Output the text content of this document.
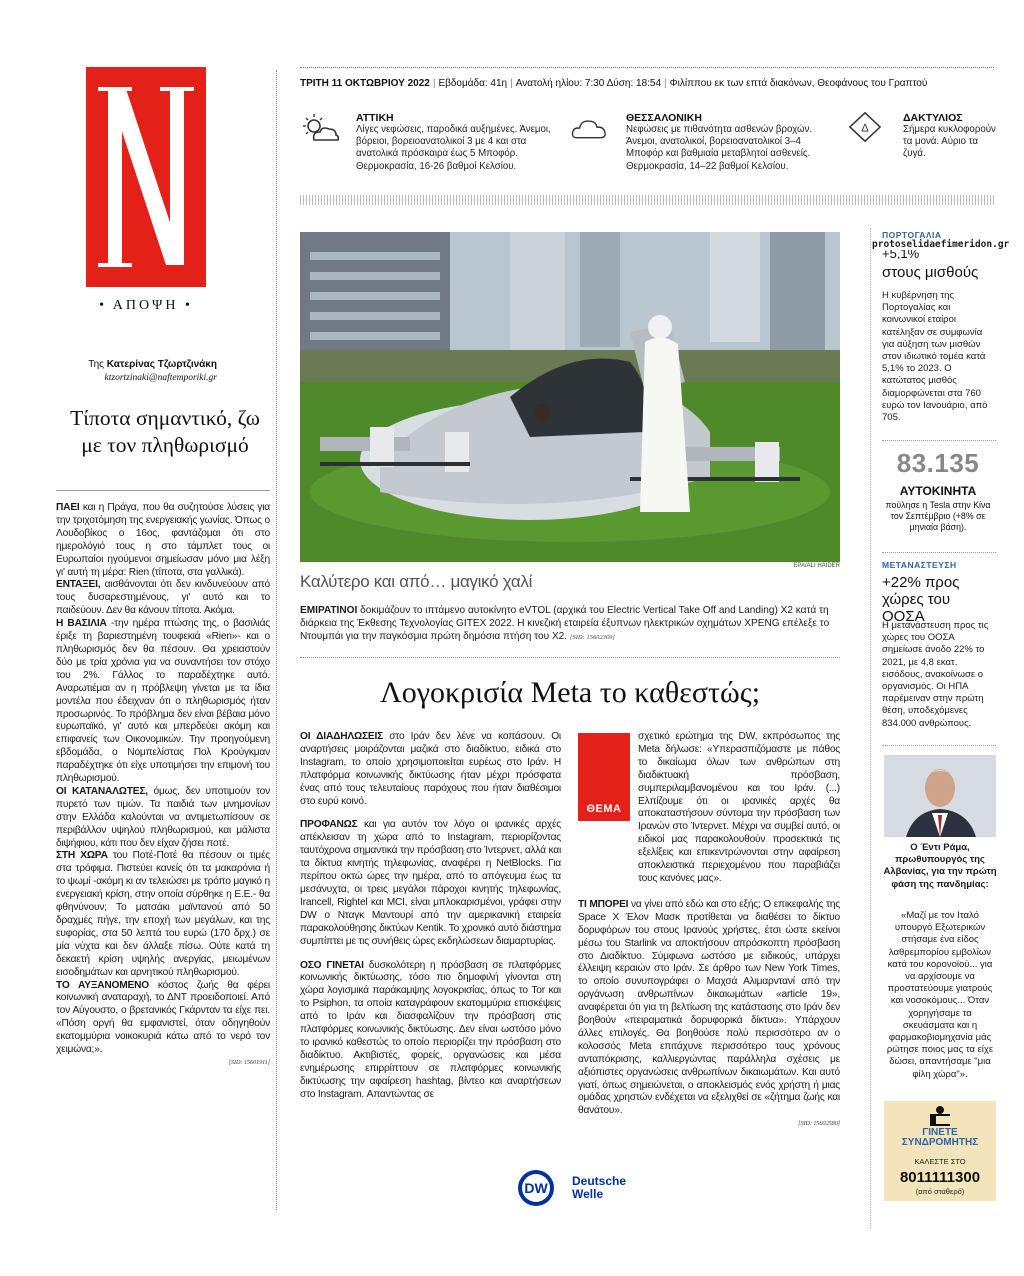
• ΑΠΟΨΗ •
Της Κατερίνας Τζωρτζινάκη
ktzortzinaki@naftemporiki.gr
Τίποτα σημαντικό, ζω με τον πληθωρισμό

ΠΑΕΙ και η Πράγα, που θα συζητούσε λύσεις για την τριχοτόμηση της ενεργειακής γωνίας. Όπως ο Λουδοβίκος ο 16ος, φαντάζομαι ότι στο ημερολόγιό τους η στο τάμπλετ τους οι Ευρωπαίοι ηγούμενοι σημείωσαν μόνο μια λέξη γι' αυτή τη μέρα: Rien (τίποτα, στα γαλλικά).

ΕΝΤΑΞΕΙ, αισθάνονται ότι δεν κινδυνεύουν από τους δυσαρεστημένους, γι' αυτό και το παιδεύουν. Δεν θα κάνουν τίποτα. Ακόμα.

Η ΒΑΣΙΛΙΑ -την ημέρα πτώσης της, ο βασιλιάς έριξε τη βαριεστημένη τουφεκιά «Rien»- και ο πληθωρισμός δεν θα πέσουν. Θα χρειαστούν δύο με τρία χρόνια για να συναντήσει τον στόχο του 2%. Γάλλος το παραδέχτηκε αυτό. Αναρωτιέμαι αν η πρόβλεψη γίνεται με τα ίδια μοντέλα που έδειχναν ότι ο πληθωρισμός ήταν προσωρινός. Το πρόβλημα δεν είναι βέβαια μόνο ευρωπαϊκό, γι' αυτό και μπερδεύει ακόμη και επιφανείς των Οικονομικών. Την προηγούμενη εβδομάδα, ο Νομπελίστας Πολ Κρούγκμαν παραδέχτηκε ότι είχε υποτιμήσει την επιμονή του πληθωρισμού.

ΟΙ ΚΑΤΑΝΑΛΩΤΕΣ, όμως, δεν υποτιμούν τον πυρετό των τιμών. Τα παιδιά των μνημονίων στην Ελλάδα καλούνται να αντιμετωπίσουν σε περιβάλλον υψηλού πληθωρισμού, και μάλιστα διψήφιου, κάτι που δεν είχαν ζήσει ποτέ.

ΣΤΗ ΧΩΡΑ του Ποτέ-Ποτέ θα πέσουν οι τιμές στα τρόφιμα. Πιστεύει κανείς ότι τα μακαρόνια ή το ψωμί -ακόμη κι αν τελειώσει με τρόπο μαγικό η ενεργειακή κρίση, στην οποία σύρθηκε η Ε.Ε.- θα φθηνύνουν; Το ματσάκι μαϊντανού από 50 δραχμές πήγε, την εποχή των μεγάλων, και της ευφορίας, στα 50 λεπτά του ευρώ (170 δρχ.) σε μία νύχτα και δεν άλλαξε πίσω. Ούτε κατά τη δεκαετή κρίση υψηλής ανεργίας, μειωμένων εισοδημάτων και αρνητικού πληθωρισμού.

ΤΟ ΑΥΞΑΝΟΜΕΝΟ κόστος ζωής θα φέρει κοινωνική αναταραχή, το ΔΝΤ προειδοποιεί. Από τον Αύγουστο, ο βρετανικός Γκάρνταν τα είχε πει. «Πόση οργή θα εμφανιστεί, όταν οδηγηθούν εκατομμύρια νοικοκυριά κάτω από το νερό τον χειμώνα;».

[SID: 15601911]

ΤΡΙΤΗ 11 ΟΚΤΩΒΡΙΟΥ 2022 | Εβδομάδα: 41η | Ανατολή ηλίου: 7:30 Δύση: 18:54 | Φιλίππου εκ των επτά διακόνων, Θεοφάνους του Γραπτού
ΑΤΤΙΚΗ
Λίγες νεφώσεις, παροδικά αυξημένες. Άνεμοι, βόρειοι, βορειοανατολικοί 3 με 4 και στα ανατολικά πρόσκαιρα έως 5 Μποφόρ. Θερμοκρασία, 16-26 βαθμοί Κελσίου.
ΘΕΣΣΑΛΟΝΙΚΗ
Νεφώσεις με πιθανότητα ασθενών βροχών. Άνεμοι, ανατολικοί, βορειοανατολικοί 3–4 Μποφόρ και βαθμιαία μεταβλητοί ασθενείς. Θερμοκρασία, 14–22 βαθμοί Κελσίου.
Δ
ΔΑΚΤΥΛΙΟΣ
Σήμερα κυκλοφορούν τα μονά. Αύριο τα ζυγά.
EPA/ALI HAIDER
Καλύτερο και από… μαγικό χαλί
ΕΜΙΡΑΤΙΝΟΙ δοκιμάζουν το ιπτάμενο αυτοκίνητο eVTOL (αρχικά του Electric Vertical Take Off and Landing) X2 κατά τη διάρκεια της Έκθεσης Τεχνολογίας GITEX 2022. Η κινεζική εταιρεία έξυπνων ηλεκτρικών οχημάτων XPENG επέλεξε το Ντουμπάι για την παγκόσμια πρώτη δημόσια πτήση του Χ2. [SID: 15602369]
Λογοκρισία Meta το καθεστώς;

ΟΙ ΔΙΑΔΗΛΩΣΕΙΣ στο Ιράν δεν λένε να κοπάσουν. Οι αναρτήσεις μοιράζονται μαζικά στο διαδίκτυο, ειδικά στο Instagram, το οποίο χρησιμοποιείται ευρέως στο Ιράν. Η πλατφόρμα κοινωνικής δικτύωσης ήταν μέχρι πρόσφατα ένας από τους τελευταίους παρόχους που ήταν διαθέσιμοι στο ευρύ κοινό.

ΠΡΟΦΑΝΩΣ και για αυτόν τον λόγο οι ιρανικές αρχές απέκλεισαν τη χώρα από το Instagram, περιορίζοντας ταυτόχρονα σημαντικά την πρόσβαση στο Ίντερνετ, αλλά και τα δίκτυα κινητής τηλεφωνίας, αναφέρει η NetBlocks. Για περίπου οκτώ ώρες την ημέρα, από το απόγευμα έως τα μεσάνυχτα, οι τρεις μεγάλοι πάροχοι κινητής τηλεφωνίας, Irancell, Rightel και MCI, είναι μπλοκαρισμένοι, γράφει στην DW ο Νταγκ Μαντουρί από την αμερικανική εταιρεία παρακολούθησης δικτύων Kentik. Το χρονικό αυτό διάστημα συμπίπτει με τις συνήθεις ώρες εκδηλώσεων διαμαρτυρίας.

ΟΣΟ ΓΙΝΕΤΑΙ δυσκολότερη η πρόσβαση σε πλατφόρμες κοινωνικής δικτύωσης, τόσο πιο δημοφιλή γίνονται στη χώρα λογισμικά παράκαμψης λογοκρισίας, όπως το Tor και το Psiphon, τα οποία καταγράφουν εκατομμύρια επισκέψεις από το Ιράν και διασφαλίζουν την πρόσβαση στις πλατφόρμες κοινωνικής δικτύωσης. Δεν είναι ωστόσο μόνο το ιρανικό καθεστώς το οποίο περιορίζει την πρόσβαση στο διαδίκτυο. Ακτιβιστές, φορείς, οργανώσεις και μέσα ενημέρωσης επιρρίπτουν σε πλατφόρμες κοινωνικής δικτύωσης την αφαίρεση hashtag, βίντεο και αναρτήσεων στο Instagram. Απαντώντας σε

ΘΕΜΑ

σχετικό ερώτημα της DW, εκπρόσωπος της Meta δήλωσε: «Υπερασπιζόμαστε με πάθος το δικαίωμα όλων των ανθρώπων στη διαδικτυακή πρόσβαση, συμπεριλαμβανομένου και του Ιράν. (...) Ελπίζουμε ότι οι ιρανικές αρχές θα αποκαταστήσουν σύντομα την πρόσβαση των Ιρανών στο Ίντερνετ. Μέχρι να συμβεί αυτό, οι ειδικοί μας παρακολουθούν προσεκτικά τις εξελίξεις και επικεντρώνονται στην αφαίρεση αποκλειστικά περιεχομένου που παραβιάζει τους κανόνες μας».

ΤΙ ΜΠΟΡΕΙ να γίνει από εδώ και στο εξής; Ο επικεφαλής της Space X Έλον Μασκ προτίθεται να διαθέσει το δίκτυο δορυφόρων του στους Ιρανούς χρήστες, έτσι ώστε εκείνοι μέσω του Starlink να αποκτήσουν απρόσκοπτη πρόσβαση στο Διαδίκτυο. Σύμφωνα ωστόσο με ειδικούς, υπάρχει έλλειψη κεραιών στο Ιράν. Σε άρθρο των New York Times, το οποίο συνυπογράφει ο Μαχσά Αλιμαρντανί από την οργάνωση ανθρωπίνων δικαιωμάτων «article 19», αναφέρεται ότι για τη βελτίωση της κατάστασης στο Ιράν δεν βοηθούν «πειραματικά δορυφορικά δίκτυα». Υπάρχουν άλλες επιλογές. Θα βοηθούσε πολύ περισσότερο αν ο κολοσσός Meta επιτάχυνε περισσότερο τους χρόνους ανταπόκρισης, καλλιεργώντας παράλληλα σχέσεις με αξιόπιστες οργανώσεις ανθρωπίνων δικαιωμάτων. Και αυτό γιατί, όπως σημειώνεται, ο αποκλεισμός ενός χρήστη ή μιας ομάδας χρηστών ενδέχεται να εξελιχθεί σε «ζήτημα ζωής και θανάτου».

[SID: 15602580]

DW Deutsche
Welle
ΠΟΡΤΟΓΑΛΙΑ
protoselidaefimeridon.gr
+5,1%
στους μισθούς
Η κυβέρνηση της Πορτογαλίας και κοινωνικοί εταίροι κατέληξαν σε συμφωνία για αύξηση των μισθών στον ιδιωτικό τομέα κατά 5,1% το 2023. Ο κατώτατος μισθός διαμορφώνεται στα 760 ευρώ τον Ιανουάριο, από 705.
83.135
ΑΥΤΟΚΙΝΗΤΑ
πούλησε η Tesla στην Κίνα τον Σεπτέμβριο (+8% σε μηνιαία βάση).
ΜΕΤΑΝΑΣΤΕΥΣΗ
+22% προς χώρες του ΟΟΣΑ
Η μετανάστευση προς τις χώρες του ΟΟΣΑ σημείωσε άνοδο 22% το 2021, με 4,8 εκατ. εισόδους, ανακοίνωσε ο οργανισμός. Οι ΗΠΑ παρέμειναν στην πρώτη θέση, υποδεχόμενες 834.000 ανθρώπους.
Ο Έντι Ράμα, πρωθυπουργός της Αλβανίας, για την πρώτη φάση της πανδημίας:
«Μαζί με τον Ιταλό υπουργό Εξωτερικών στήσαμε ένα είδος λαθρεμπορίου εμβολίων κατά του κορονοϊού... για να αρχίσουμε να προστατεύουμε γιατρούς και νοσοκόμους... Όταν χορηγήσαμε τα σκευάσματα και η φαρμακοβιομηχανία μάς ρώτησε ποιος μας τα είχε δώσει, απαντήσαμε "μια φίλη χώρα"».
ΓΙΝΕΤΕ
ΣΥΝΔΡΟΜΗΤΗΣ
ΚΑΛΕΣΤΕ ΣΤΟ
8011111300
(από σταθερό)
